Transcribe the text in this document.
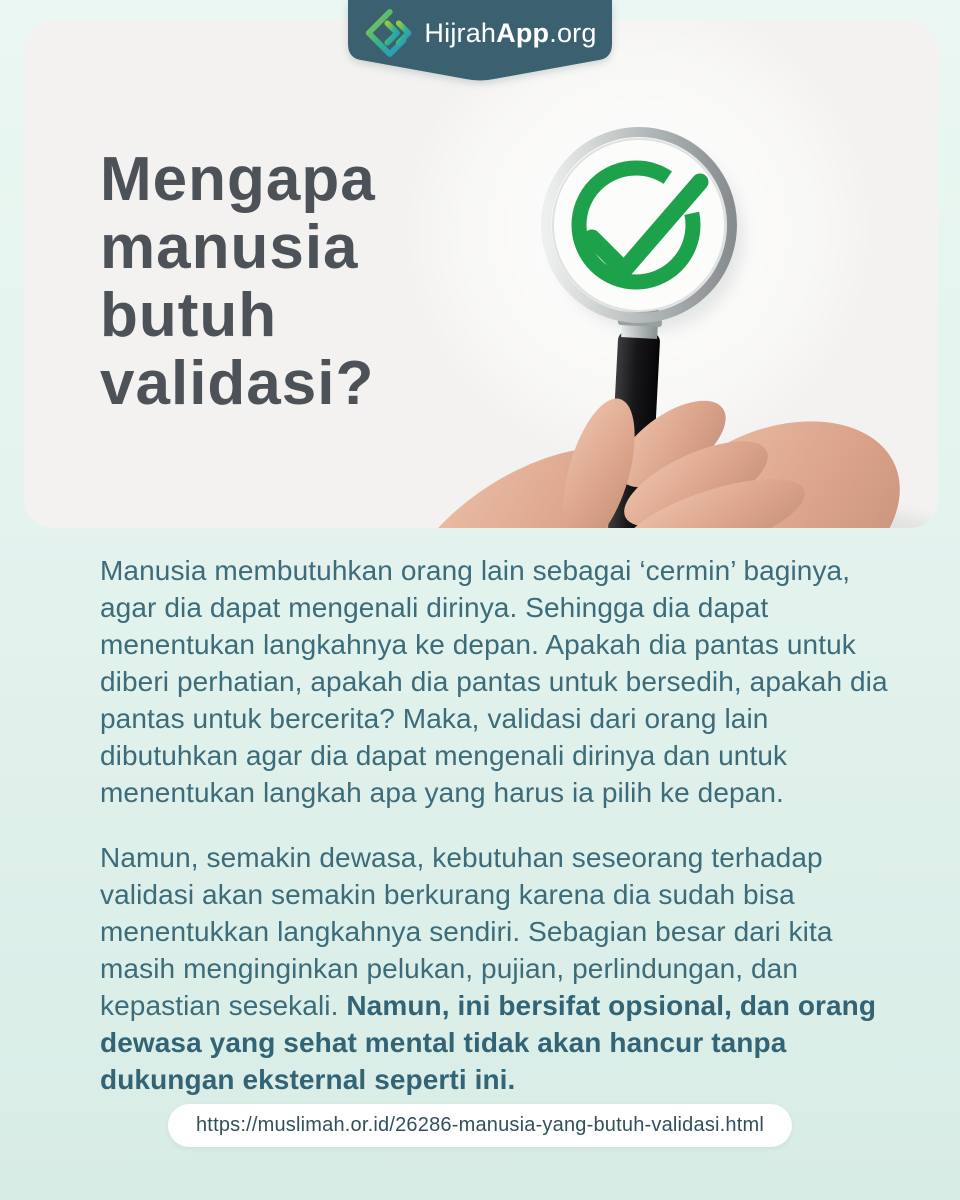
Mengapa
manusia
butuh
validasi?
HijrahApp.org

Manusia membutuhkan orang lain sebagai ‘cermin’ baginya, agar dia dapat mengenali dirinya. Sehingga dia dapat menentukan langkahnya ke depan. Apakah dia pantas untuk diberi perhatian, apakah dia pantas untuk bersedih, apakah dia pantas untuk bercerita? Maka, validasi dari orang lain dibutuhkan agar dia dapat mengenali dirinya dan untuk menentukan langkah apa yang harus ia pilih ke depan.

Namun, semakin dewasa, kebutuhan seseorang terhadap validasi akan semakin berkurang karena dia sudah bisa menentukkan langkahnya sendiri. Sebagian besar dari kita masih menginginkan pelukan, pujian, perlindungan, dan kepastian sesekali. Namun, ini bersifat opsional, dan orang dewasa yang sehat mental tidak akan hancur tanpa dukungan eksternal seperti ini.

https://muslimah.or.id/26286-manusia-yang-butuh-validasi.html
